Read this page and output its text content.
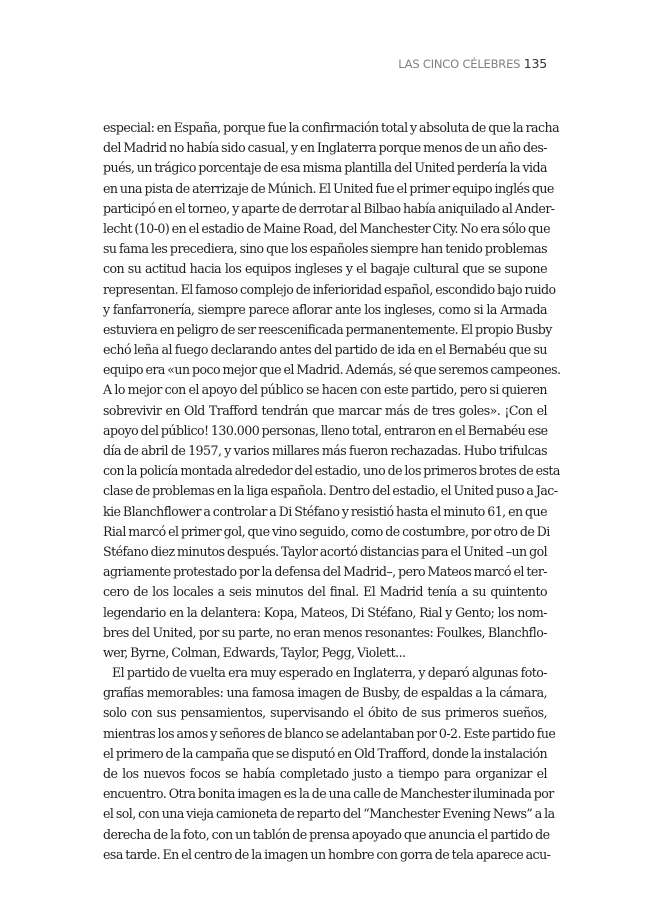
LAS CINCO CÉLEBRES 135
especial: en España, porque fue la confirmación total y absoluta de que la racha
del Madrid no había sido casual, y en Inglaterra porque menos de un año des-
pués, un trágico porcentaje de esa misma plantilla del United perdería la vida
en una pista de aterrizaje de Múnich. El United fue el primer equipo inglés que
participó en el torneo, y aparte de derrotar al Bilbao había aniquilado al Ander-
lecht (10-0) en el estadio de Maine Road, del Manchester City. No era sólo que
su fama les precediera, sino que los españoles siempre han tenido problemas
con su actitud hacia los equipos ingleses y el bagaje cultural que se supone
representan. El famoso complejo de inferioridad español, escondido bajo ruido
y fanfarronería, siempre parece aflorar ante los ingleses, como si la Armada
estuviera en peligro de ser reescenificada permanentemente. El propio Busby
echó leña al fuego declarando antes del partido de ida en el Bernabéu que su
equipo era «un poco mejor que el Madrid. Además, sé que seremos campeones.
A lo mejor con el apoyo del público se hacen con este partido, pero si quieren
sobrevivir en Old Trafford tendrán que marcar más de tres goles». ¡Con el
apoyo del público! 130.000 personas, lleno total, entraron en el Bernabéu ese
día de abril de 1957, y varios millares más fueron rechazadas. Hubo trifulcas
con la policía montada alrededor del estadio, uno de los primeros brotes de esta
clase de problemas en la liga española. Dentro del estadio, el United puso a Jac-
kie Blanchflower a controlar a Di Stéfano y resistió hasta el minuto 61, en que
Rial marcó el primer gol, que vino seguido, como de costumbre, por otro de Di
Stéfano diez minutos después. Taylor acortó distancias para el United –un gol
agriamente protestado por la defensa del Madrid–, pero Mateos marcó el ter-
cero de los locales a seis minutos del final. El Madrid tenía a su quintento
legendario en la delantera: Kopa, Mateos, Di Stéfano, Rial y Gento; los nom-
bres del United, por su parte, no eran menos resonantes: Foulkes, Blanchflo-
wer, Byrne, Colman, Edwards, Taylor, Pegg, Violett...
El partido de vuelta era muy esperado en Inglaterra, y deparó algunas foto-
grafías memorables: una famosa imagen de Busby, de espaldas a la cámara,
solo con sus pensamientos, supervisando el óbito de sus primeros sueños,
mientras los amos y señores de blanco se adelantaban por 0-2. Este partido fue
el primero de la campaña que se disputó en Old Trafford, donde la instalación
de los nuevos focos se había completado justo a tiempo para organizar el
encuentro. Otra bonita imagen es la de una calle de Manchester iluminada por
el sol, con una vieja camioneta de reparto del “Manchester Evening News” a la
derecha de la foto, con un tablón de prensa apoyado que anuncia el partido de
esa tarde. En el centro de la imagen un hombre con gorra de tela aparece acu-
